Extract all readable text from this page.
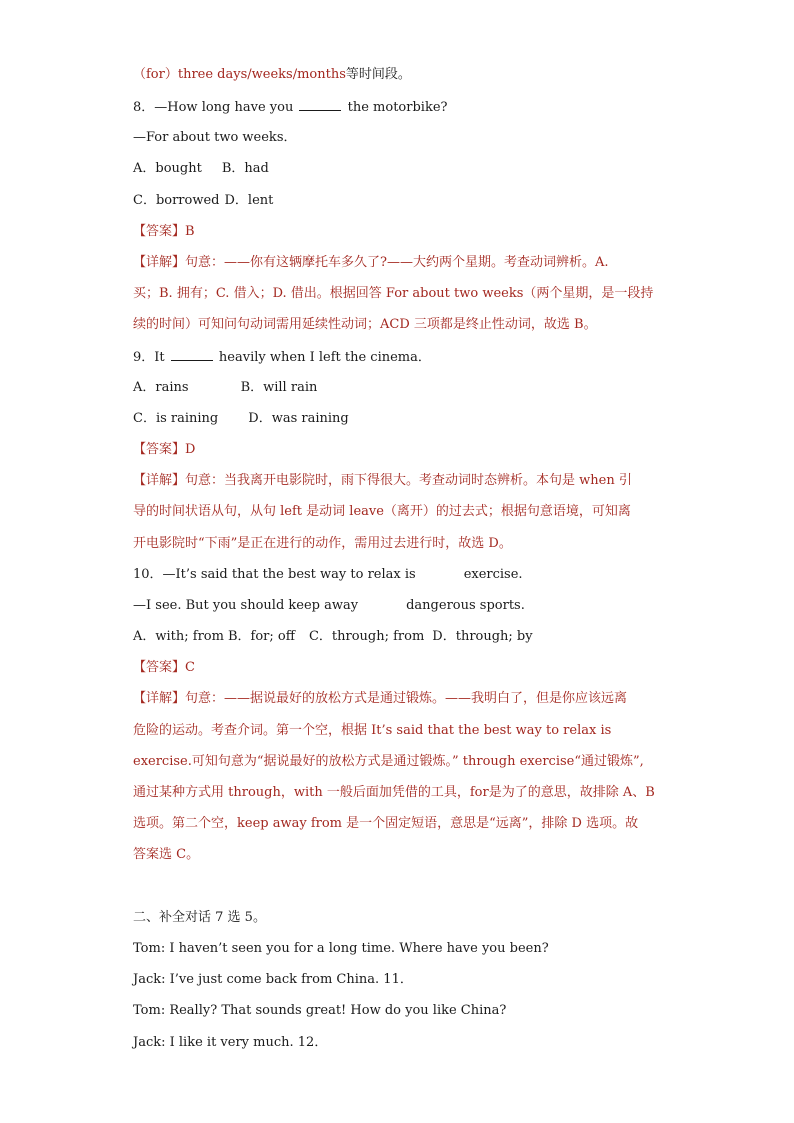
（for）three days/weeks/months等时间段。
8．—How long have you	the motorbike?
—For about two weeks．
A．bought B．had
C．borrowed D．lent
【答案】B
【详解】句意：——你有这辆摩托车多久了?——大约两个星期。考查动词辨析。A.
买；B. 拥有；C. 借入；D. 借出。根据回答 For about two weeks（两个星期，是一段持
续的时间）可知问句动词需用延续性动词；ACD 三项都是终止性动词，故选 B。
9．It	heavily when I left the cinema．
A．rains	B．will rain
C．is raining D．was raining
【答案】D
【详解】句意：当我离开电影院时，雨下得很大。考查动词时态辨析。本句是 when 引
导的时间状语从句，从句 left 是动词 leave（离开）的过去式；根据句意语境，可知离
开电影院时“下雨”是正在进行的动作，需用过去进行时，故选 D。
10．—It’s said that the best way to relax is	exercise.
—I see. But you should keep away	dangerous sports.
A．with; from B．for; off C．through; from D．through; by
【答案】C
【详解】句意：——据说最好的放松方式是通过锻炼。——我明白了，但是你应该远离
危险的运动。考查介词。第一个空，根据 It’s said that the best way to relax is
exercise.可知句意为“据说最好的放松方式是通过锻炼。” through exercise“通过锻炼”,
通过某种方式用 through，with 一般后面加凭借的工具，for是为了的意思，故排除 A、B
选项。第二个空，keep away from 是一个固定短语，意思是“远离”，排除 D 选项。故
答案选 C。
二、补全对话 7 选 5。
Tom: I haven’t seen you for a long time. Where have you been?
Jack: I’ve just come back from China. 11．
Tom: Really? That sounds great! How do you like China?
Jack: I like it very much. 12．
